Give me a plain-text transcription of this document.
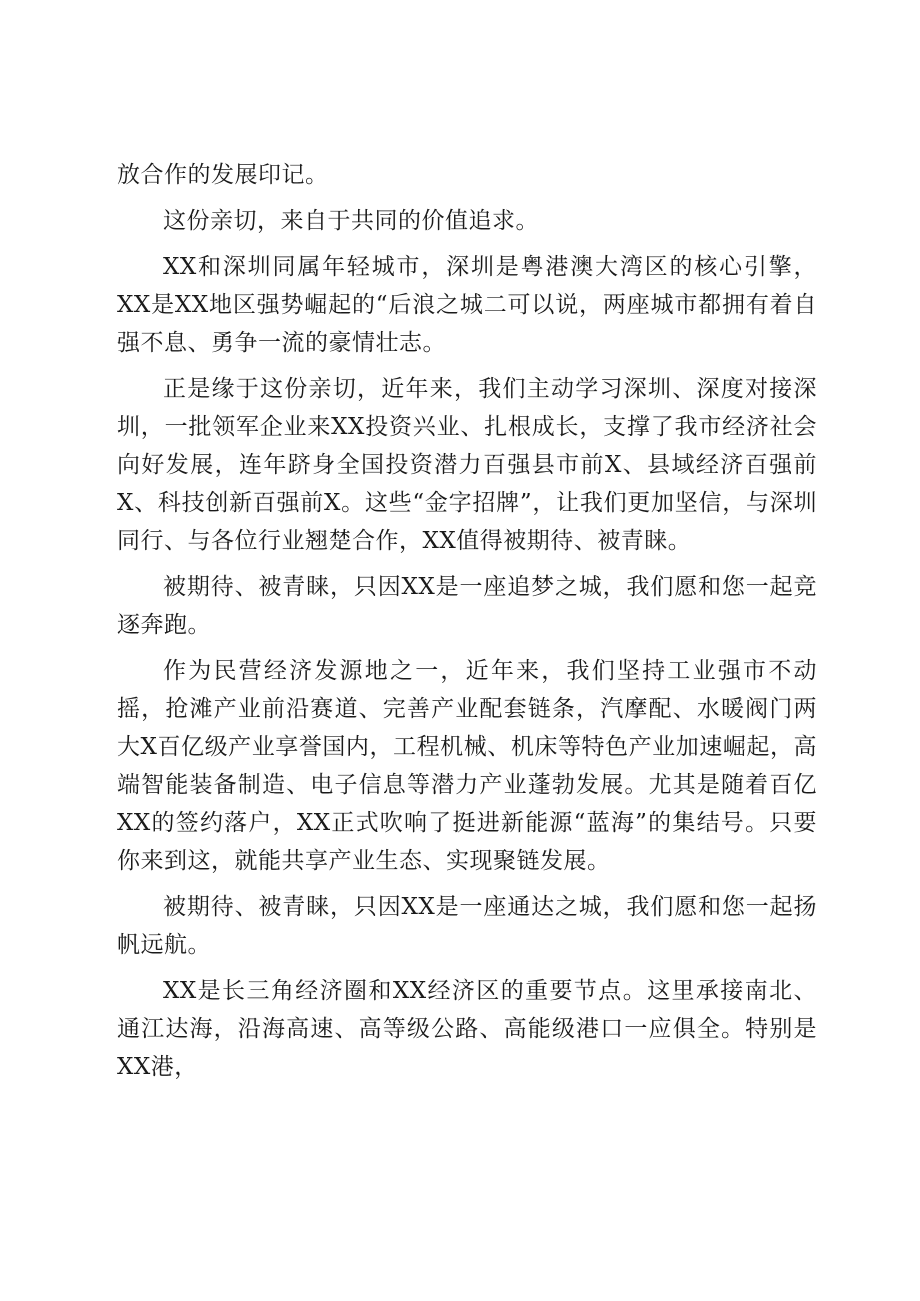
放合作的发展印记。

这份亲切，来自于共同的价值追求。

XX和深圳同属年轻城市，深圳是粤港澳大湾区的核心引擎，XX是XX地区强势崛起的“后浪之城二可以说，两座城市都拥有着自强不息、勇争一流的豪情壮志。

正是缘于这份亲切，近年来，我们主动学习深圳、深度对接深圳，一批领军企业来XX投资兴业、扎根成长，支撑了我市经济社会向好发展，连年跻身全国投资潜力百强县市前X、县域经济百强前X、科技创新百强前X。这些“金字招牌”，让我们更加坚信，与深圳同行、与各位行业翘楚合作，XX值得被期待、被青睐。

被期待、被青睐，只因XX是一座追梦之城，我们愿和您一起竞逐奔跑。

作为民营经济发源地之一，近年来，我们坚持工业强市不动摇，抢滩产业前沿赛道、完善产业配套链条，汽摩配、水暖阀门两大X百亿级产业享誉国内，工程机械、机床等特色产业加速崛起，高端智能装备制造、电子信息等潜力产业蓬勃发展。尤其是随着百亿XX的签约落户，XX正式吹响了挺进新能源“蓝海”的集结号。只要你来到这，就能共享产业生态、实现聚链发展。

被期待、被青睐，只因XX是一座通达之城，我们愿和您一起扬帆远航。

XX是长三角经济圈和XX经济区的重要节点。这里承接南北、通江达海，沿海高速、高等级公路、高能级港口一应俱全。特别是XX港，
